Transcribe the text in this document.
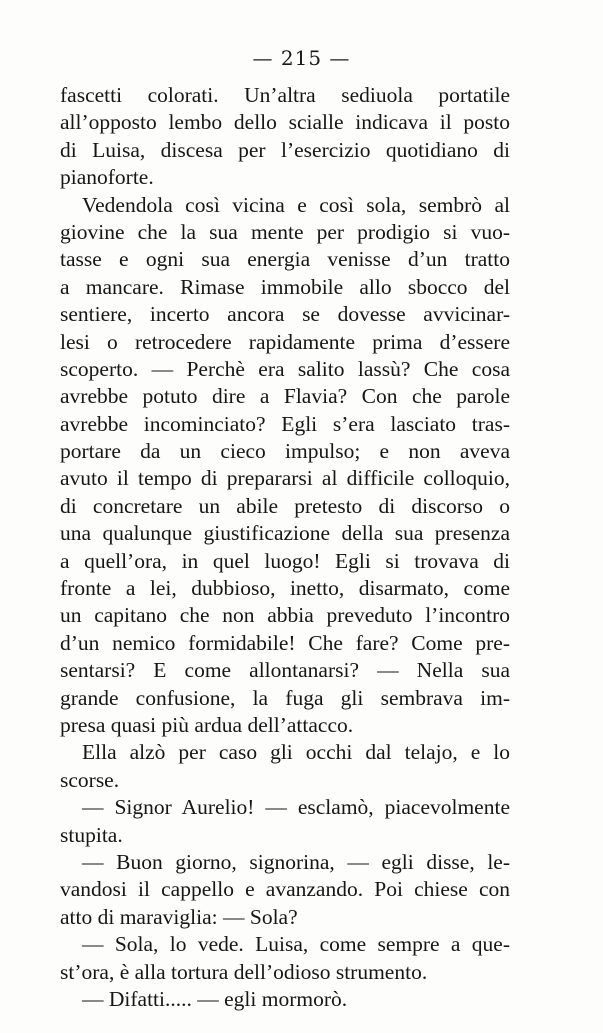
— 215 —
fascetti colorati. Un’altra sediuola portatile
all’opposto lembo dello scialle indicava il posto
di Luisa, discesa per l’esercizio quotidiano di
pianoforte.
Vedendola così vicina e così sola, sembrò al
giovine che la sua mente per prodigio si vuo-
tasse e ogni sua energia venisse d’un tratto
a mancare. Rimase immobile allo sbocco del
sentiere, incerto ancora se dovesse avvicinar-
lesi o retrocedere rapidamente prima d’essere
scoperto. — Perchè era salito lassù? Che cosa
avrebbe potuto dire a Flavia? Con che parole
avrebbe incominciato? Egli s’era lasciato tras-
portare da un cieco impulso; e non aveva
avuto il tempo di prepararsi al difficile colloquio,
di concretare un abile pretesto di discorso o
una qualunque giustificazione della sua presenza
a quell’ora, in quel luogo! Egli si trovava di
fronte a lei, dubbioso, inetto, disarmato, come
un capitano che non abbia preveduto l’incontro
d’un nemico formidabile! Che fare? Come pre-
sentarsi? E come allontanarsi? — Nella sua
grande confusione, la fuga gli sembrava im-
presa quasi più ardua dell’attacco.
Ella alzò per caso gli occhi dal telajo, e lo
scorse.
— Signor Aurelio! — esclamò, piacevolmente
stupita.
— Buon giorno, signorina, — egli disse, le-
vandosi il cappello e avanzando. Poi chiese con
atto di maraviglia: — Sola?
— Sola, lo vede. Luisa, come sempre a que-
st’ora, è alla tortura dell’odioso strumento.
— Difatti..... — egli mormorò.
